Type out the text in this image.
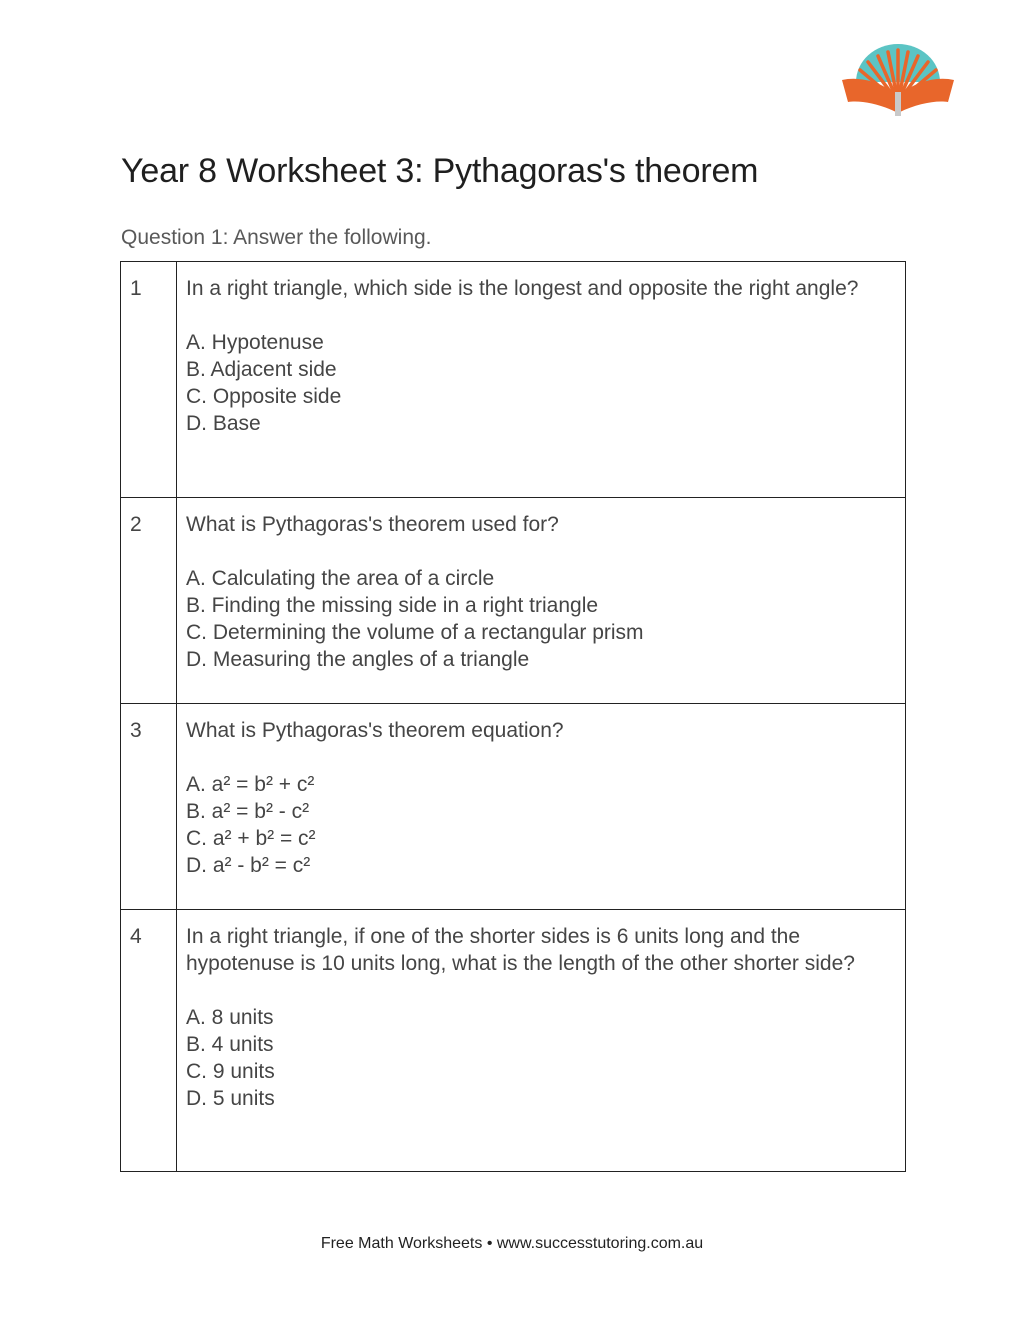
Year 8 Worksheet 3: Pythagoras's theorem

Question 1: Answer the following.

1	In a right triangle, which side is the longest and opposite the right angle?

A. Hypotenuse

B. Adjacent side

C. Opposite side

D. Base

2	What is Pythagoras's theorem used for?

A. Calculating the area of a circle

B. Finding the missing side in a right triangle

C. Determining the volume of a rectangular prism

D. Measuring the angles of a triangle

3	What is Pythagoras's theorem equation?

A. a² = b² + c²

B. a² = b² - c²

C. a² + b² = c²

D. a² - b² = c²

4	In a right triangle, if one of the shorter sides is 6 units long and the hypotenuse is 10 units long, what is the length of the other shorter side?

A. 8 units

B. 4 units

C. 9 units

D. 5 units

Free Math Worksheets • www.successtutoring.com.au
